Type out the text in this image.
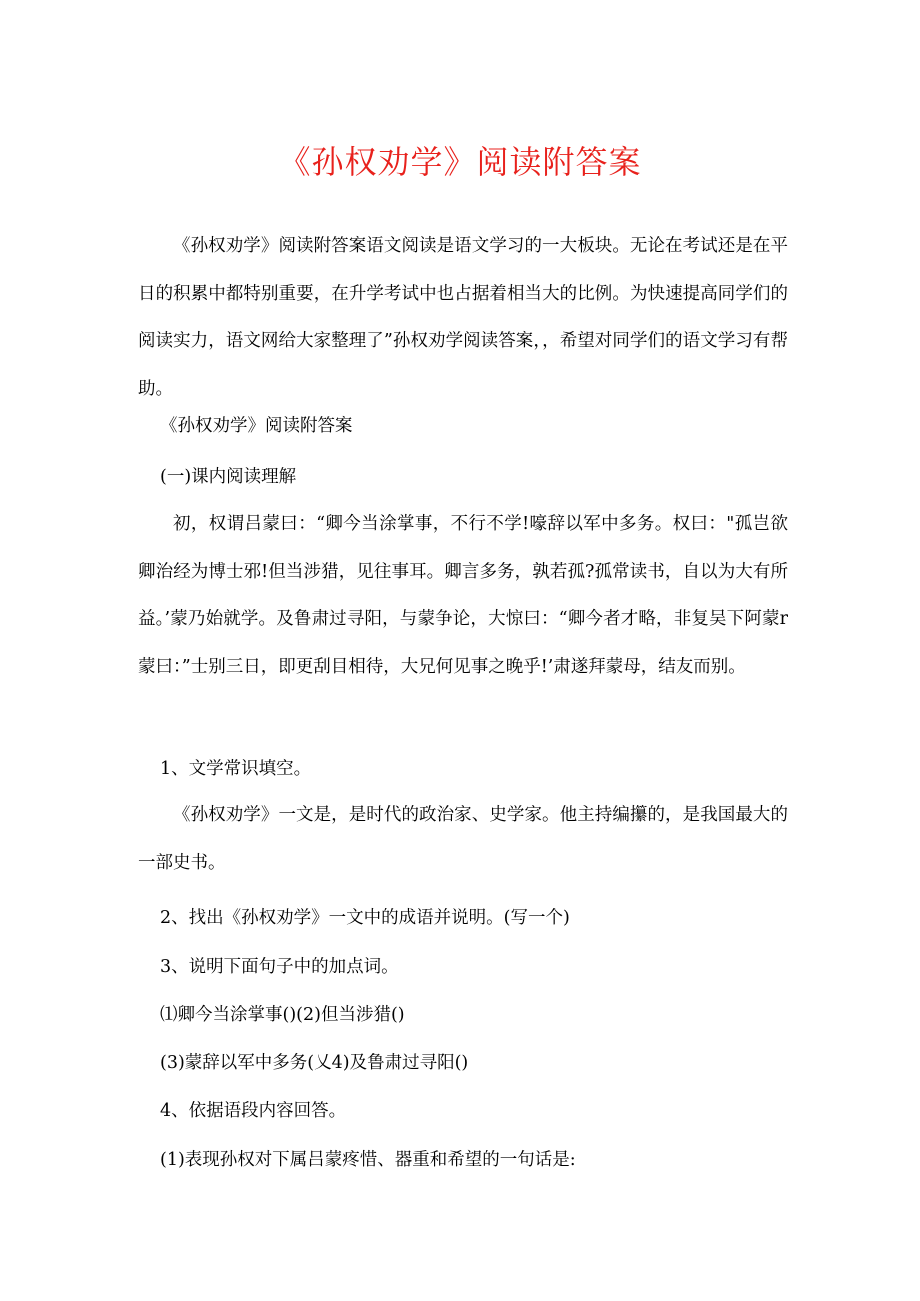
《孙权劝学》阅读附答案

《孙权劝学》阅读附答案语文阅读是语文学习的一大板块。无论在考试还是在平日的积累中都特别重要，在升学考试中也占据着相当大的比例。为快速提高同学们的阅读实力，语文网给大家整理了”孙权劝学阅读答案，，希望对同学们的语文学习有帮助。

《孙权劝学》阅读附答案

(一)课内阅读理解

初，权谓吕蒙曰：“卿今当涂掌事，不行不学!嚎辞以军中多务。权曰："孤岂欲卿治经为博士邪!但当涉猎，见往事耳。卿言多务，孰若孤?孤常读书，自以为大有所益。’蒙乃始就学。及鲁肃过寻阳，与蒙争论，大惊曰：“卿今者才略，非复吴下阿蒙r蒙曰：”士别三日，即更刮目相待，大兄何见事之晚乎!’肃遂拜蒙母，结友而别。

1、文学常识填空。

《孙权劝学》一文是，是时代的政治家、史学家。他主持编攥的，是我国最大的一部史书。

2、找出《孙权劝学》一文中的成语并说明。(写一个)

3、说明下面句子中的加点词。

⑴卿今当涂掌事()(2)但当涉猎()

(3)蒙辞以军中多务(乂4)及鲁肃过寻阳()

4、依据语段内容回答。

(1)表现孙权对下属吕蒙疼惜、器重和希望的一句话是:
